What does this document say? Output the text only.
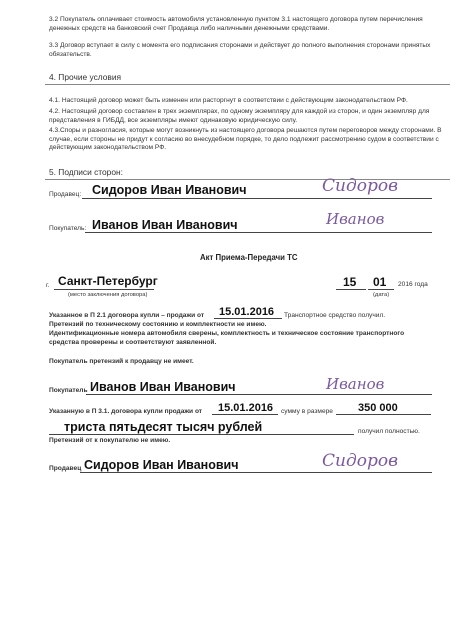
3.2 Покупатель оплачивает стоимость автомобиля установленную пунктом 3.1 настоящего договора путем перечисления денежных средств на банковский счет Продавца либо наличными денежными средствами.
3.3 Договор вступает в силу с момента его подписания сторонами и действует до полного выполнения сторонами принятых обязательств.
4. Прочие условия
4.1. Настоящий договор может быть изменен или расторгнут в соответствии с действующим законодательством РФ.
4.2. Настоящий договор составлен в трех экземплярах, по одному экземпляру для каждой из сторон, и один экземпляр для представления в ГИБДД, все экземпляры имеют одинаковую юридическую силу.
4.3.Споры и разногласия, которые могут возникнуть из настоящего договора решаются путем переговоров между сторонами. В случае, если стороны не придут к согласию во внесудебном порядке, то дело подлежит рассмотрению судом в соответствии с действующим законодательством РФ.
5. Подписи сторон:
Продавец: Сидоров Иван Иванович	Сидоров
Покупатель: Иванов Иван Иванович	Иванов
Акт Приема-Передачи ТС
г. Санкт-Петербург
(место заключения договора)
15 01 2016 года
(дата)
Указанное в П 2.1 договора купли – продажи от 15.01.2016 Транспортное средство получил.
Претензий по техническому состоянию и комплектности не имею.
Идентификационные номера автомобиля сверены, комплектность и техническое состояние транспортного средства проверены и соответствуют заявленной.
Покупатель претензий к продавцу не имеет.
Покупатель Иванов Иван Иванович	Иванов
Указанную в П 3.1. договора купли продажи от 15.01.2016 сумму в размере 350 000
триста пятьдесят тысяч рублей	получил полностью.
Претензий от к покупателю не имею.
Продавец Сидоров Иван Иванович	Сидоров
